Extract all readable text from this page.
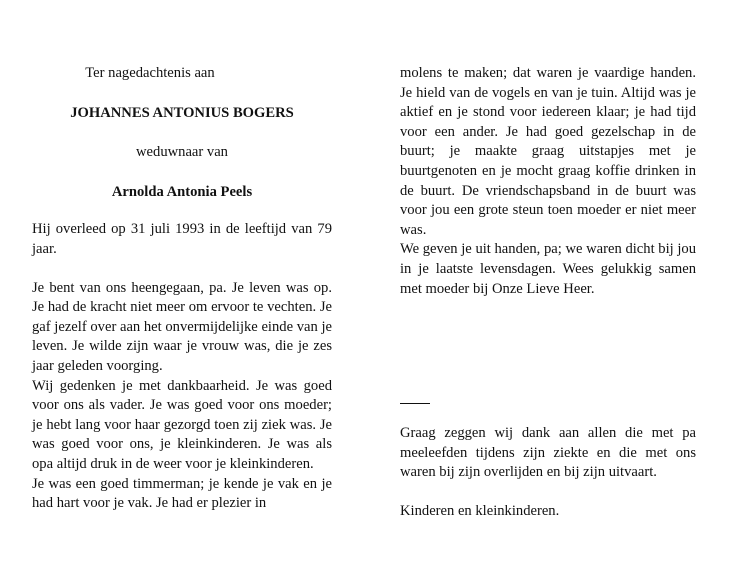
Ter nagedachtenis aan

JOHANNES ANTONIUS BOGERS

weduwnaar van

Arnolda Antonia Peels

Hij overleed op 31 juli 1993 in de leeftijd van 79 jaar.

Je bent van ons heengegaan, pa. Je leven was op. Je had de kracht niet meer om ervoor te vechten. Je gaf jezelf over aan het onvermijdelijke einde van je leven. Je wilde zijn waar je vrouw was, die je zes jaar geleden voorging.

Wij gedenken je met dankbaarheid. Je was goed voor ons als vader. Je was goed voor ons moeder; je hebt lang voor haar gezorgd toen zij ziek was. Je was goed voor ons, je kleinkinderen. Je was als opa altijd druk in de weer voor je kleinkinderen.

Je was een goed timmerman; je kende je vak en je had hart voor je vak. Je had er plezier in

molens te maken; dat waren je vaardige handen. Je hield van de vogels en van je tuin. Altijd was je aktief en je stond voor iedereen klaar; je had tijd voor een ander. Je had goed gezelschap in de buurt; je maakte graag uitstapjes met je buurtgenoten en je mocht graag koffie drinken in de buurt. De vriendschapsband in de buurt was voor jou een grote steun toen moeder er niet meer was.

We geven je uit handen, pa; we waren dicht bij jou in je laatste levensdagen. Wees gelukkig samen met moeder bij Onze Lieve Heer.

Graag zeggen wij dank aan allen die met pa meeleefden tijdens zijn ziekte en die met ons waren bij zijn overlijden en bij zijn uitvaart.

Kinderen en kleinkinderen.
